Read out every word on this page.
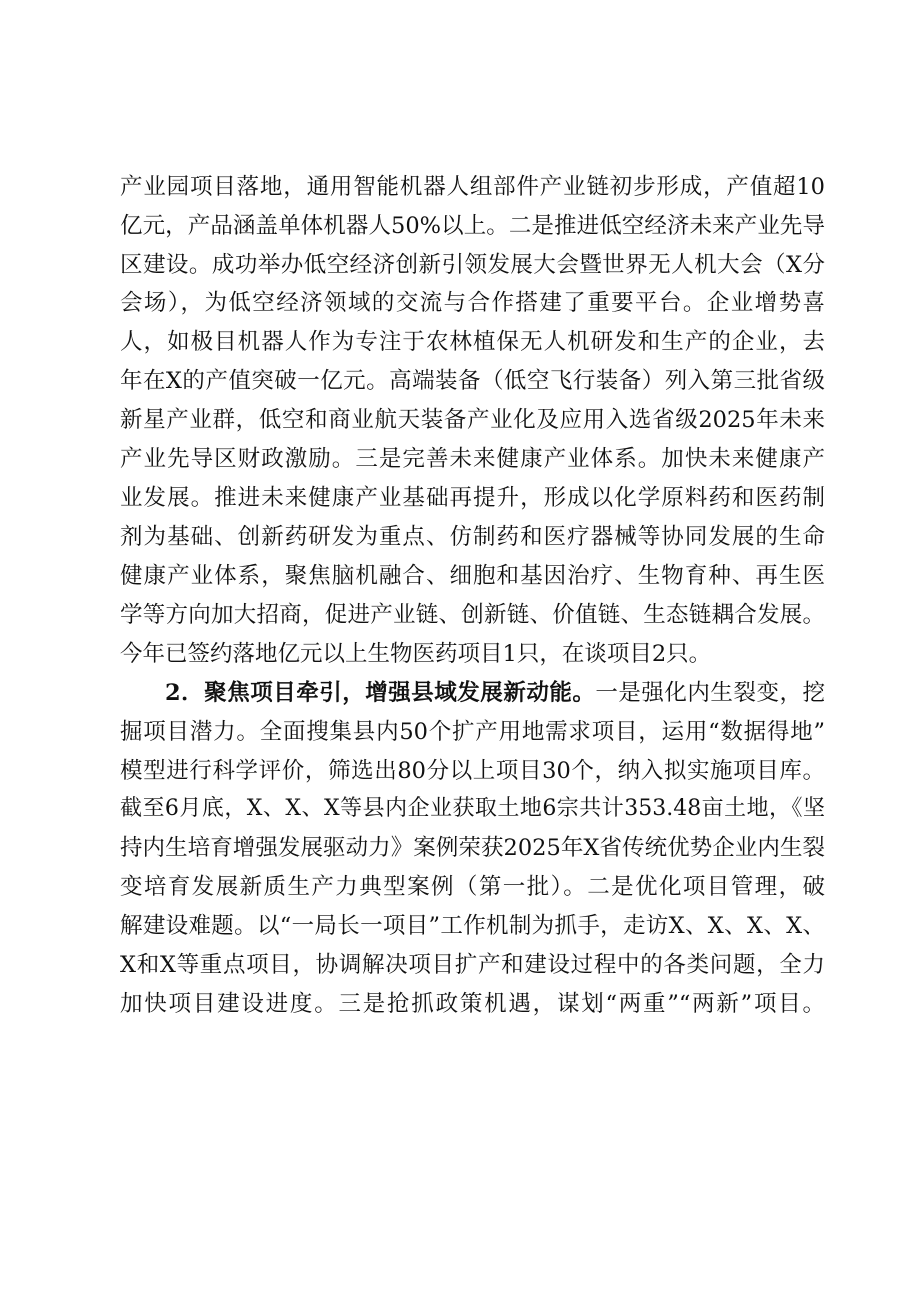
产业园项目落地，通用智能机器人组部件产业链初步形成，产值超10
亿元，产品涵盖单体机器人50%以上。二是推进低空经济未来产业先导
区建设。成功举办低空经济创新引领发展大会暨世界无人机大会（X分
会场），为低空经济领域的交流与合作搭建了重要平台。企业增势喜
人，如极目机器人作为专注于农林植保无人机研发和生产的企业，去
年在X的产值突破一亿元。高端装备（低空飞行装备）列入第三批省级
新星产业群，低空和商业航天装备产业化及应用入选省级2025年未来
产业先导区财政激励。三是完善未来健康产业体系。加快未来健康产
业发展。推进未来健康产业基础再提升，形成以化学原料药和医药制
剂为基础、创新药研发为重点、仿制药和医疗器械等协同发展的生命
健康产业体系，聚焦脑机融合、细胞和基因治疗、生物育种、再生医
学等方向加大招商，促进产业链、创新链、价值链、生态链耦合发展。
今年已签约落地亿元以上生物医药项目1只，在谈项目2只。
2．聚焦项目牵引，增强县域发展新动能。一是强化内生裂变，挖
掘项目潜力。全面搜集县内50个扩产用地需求项目，运用“数据得地”
模型进行科学评价，筛选出80分以上项目30个，纳入拟实施项目库。
截至6月底，X、X、X等县内企业获取土地6宗共计353.48亩土地，《坚
持内生培育增强发展驱动力》案例荣获2025年X省传统优势企业内生裂
变培育发展新质生产力典型案例（第一批）。二是优化项目管理，破
解建设难题。以“一局长一项目”工作机制为抓手，走访X、X、X、X、
X和X等重点项目，协调解决项目扩产和建设过程中的各类问题，全力
加快项目建设进度。三是抢抓政策机遇，谋划“两重”“两新”项目。
